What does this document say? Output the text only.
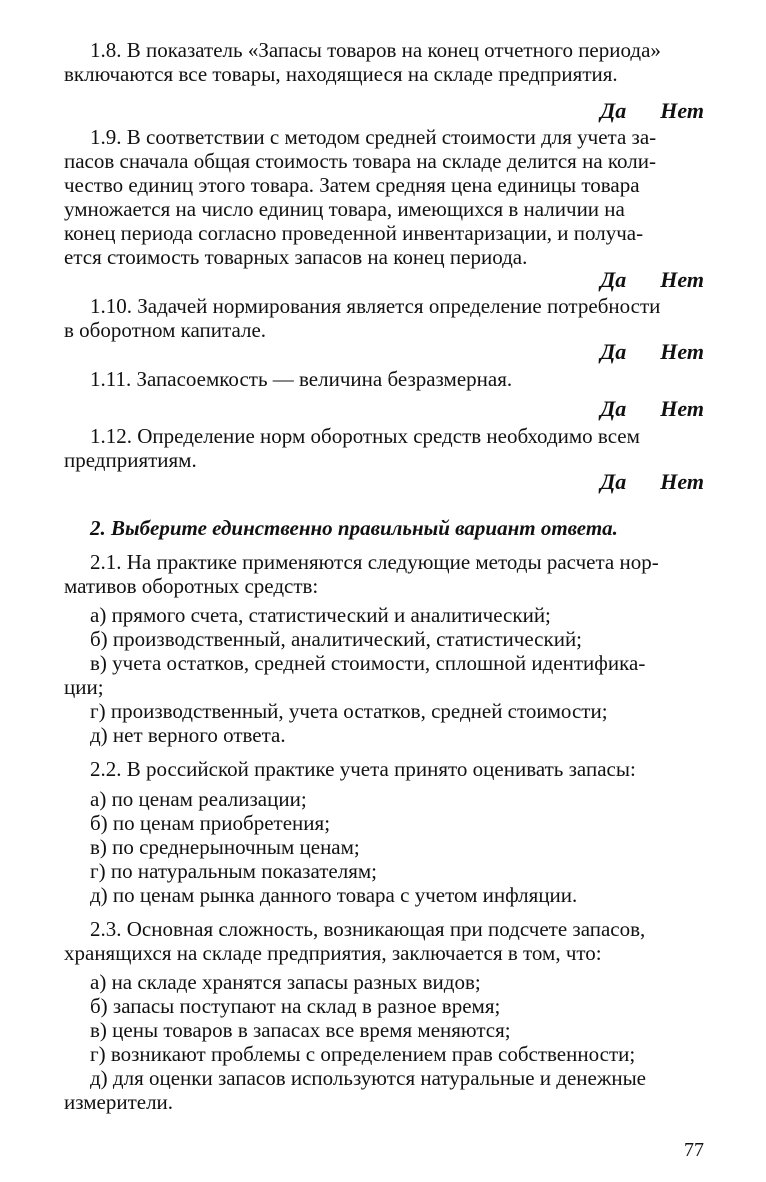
1.8. В показатель «Запасы товаров на конец отчетного периода»
включаются все товары, находящиеся на складе предприятия.
Да Нет
1.9. В соответствии с методом средней стоимости для учета за-
пасов сначала общая стоимость товара на складе делится на коли-
чество единиц этого товара. Затем средняя цена единицы товара
умножается на число единиц товара, имеющихся в наличии на
конец периода согласно проведенной инвентаризации, и получа-
ется стоимость товарных запасов на конец периода.
Да Нет
1.10. Задачей нормирования является определение потребности
в оборотном капитале.
Да Нет
1.11. Запасоемкость — величина безразмерная.
Да Нет
1.12. Определение норм оборотных средств необходимо всем
предприятиям.
Да Нет
2. Выберите единственно правильный вариант ответа.
2.1. На практике применяются следующие методы расчета нор-
мативов оборотных средств:
а) прямого счета, статистический и аналитический;
б) производственный, аналитический, статистический;
в) учета остатков, средней стоимости, сплошной идентифика-
ции;
г) производственный, учета остатков, средней стоимости;
д) нет верного ответа.
2.2. В российской практике учета принято оценивать запасы:
а) по ценам реализации;
б) по ценам приобретения;
в) по среднерыночным ценам;
г) по натуральным показателям;
д) по ценам рынка данного товара с учетом инфляции.
2.3. Основная сложность, возникающая при подсчете запасов,
хранящихся на складе предприятия, заключается в том, что:
а) на складе хранятся запасы разных видов;
б) запасы поступают на склад в разное время;
в) цены товаров в запасах все время меняются;
г) возникают проблемы с определением прав собственности;
д) для оценки запасов используются натуральные и денежные
измерители.
77
